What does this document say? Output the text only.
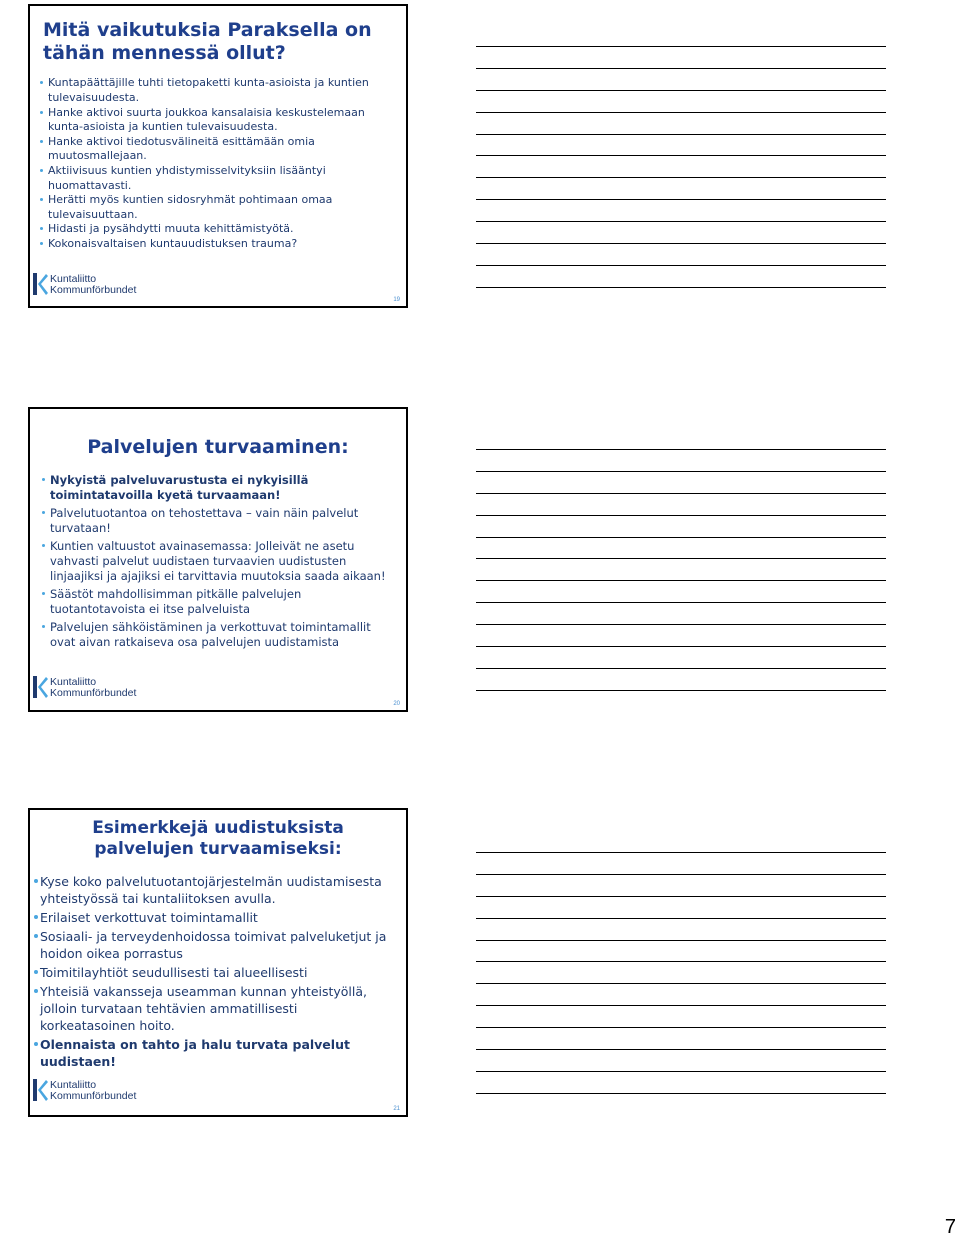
Mitä vaikutuksia Paraksella on tähän mennessä ollut?
Kuntapäättäjille tuhti tietopaketti kunta-asioista ja kuntien tulevaisuudesta.
Hanke aktivoi suurta joukkoa kansalaisia keskustelemaan kunta-asioista ja kuntien tulevaisuudesta.
Hanke aktivoi tiedotusvälineitä esittämään omia muutosmallejaan.
Aktiivisuus kuntien yhdistymisselvityksiin lisääntyi huomattavasti.
Herätti myös kuntien sidosryhmät pohtimaan omaa tulevaisuuttaan.
Hidasti ja pysähdytti muuta kehittämistyötä.
Kokonaisvaltaisen kuntauudistuksen trauma?
Kuntaliitto
Kommunförbundet
19
Palvelujen turvaaminen:
Nykyistä palveluvarustusta ei nykyisillä toimintatavoilla kyetä turvaamaan!
Palvelutuotantoa on tehostettava – vain näin palvelut turvataan!
Kuntien valtuustot avainasemassa: Jolleivät ne asetu vahvasti palvelut uudistaen turvaavien uudistusten linjaajiksi ja ajajiksi ei tarvittavia muutoksia saada aikaan!
Säästöt mahdollisimman pitkälle palvelujen tuotantotavoista ei itse palveluista
Palvelujen sähköistäminen ja verkottuvat toimintamallit ovat aivan ratkaiseva osa palvelujen uudistamista
Kuntaliitto
Kommunförbundet
20
Esimerkkejä uudistuksista palvelujen turvaamiseksi:
Kyse koko palvelutuotantojärjestelmän uudistamisesta yhteistyössä tai kuntaliitoksen avulla.
Erilaiset verkottuvat toimintamallit
Sosiaali- ja terveydenhoidossa toimivat palveluketjut ja hoidon oikea porrastus
Toimitilayhtiöt seudullisesti tai alueellisesti
Yhteisiä vakansseja useamman kunnan yhteistyöllä, jolloin turvataan tehtävien ammatillisesti korkeatasoinen hoito.
Olennaista on tahto ja halu turvata palvelut uudistaen!
Kuntaliitto
Kommunförbundet
21
7
